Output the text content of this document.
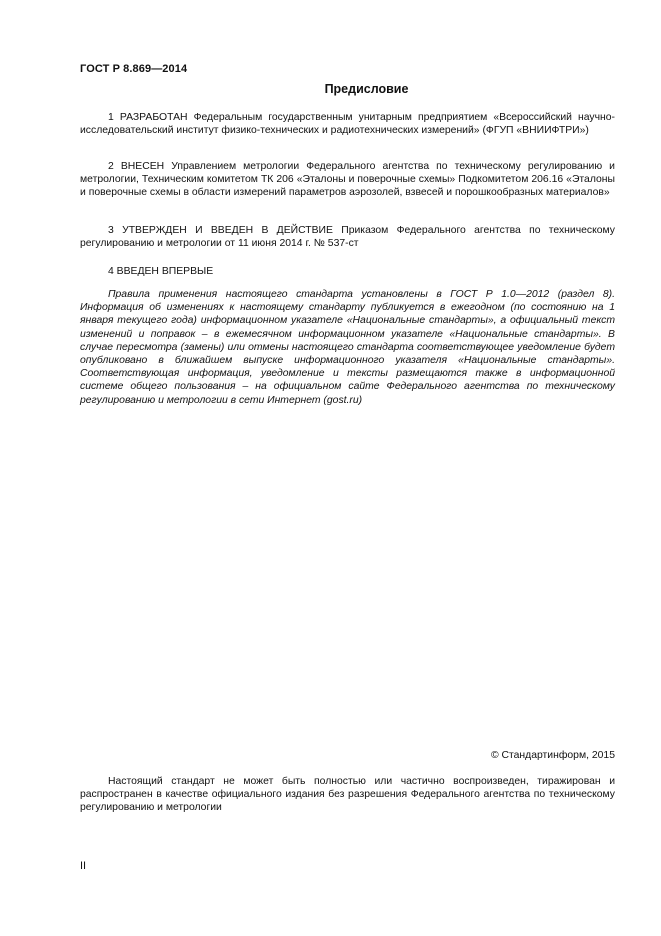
ГОСТ Р 8.869—2014
Предисловие

1 РАЗРАБОТАН Федеральным государственным унитарным предприятием «Всероссийский научно-исследовательский институт физико-технических и радиотехнических измерений» (ФГУП «ВНИИФТРИ»)

2 ВНЕСЕН Управлением метрологии Федерального агентства по техническому регулированию и метрологии, Техническим комитетом ТК 206 «Эталоны и поверочные схемы» Подкомитетом 206.16 «Эталоны и поверочные схемы в области измерений параметров аэрозолей, взвесей и порошкообразных материалов»

3 УТВЕРЖДЕН И ВВЕДЕН В ДЕЙСТВИЕ Приказом Федерального агентства по техническому регулированию и метрологии от 11 июня 2014 г. № 537-ст

4 ВВЕДЕН ВПЕРВЫЕ

Правила применения настоящего стандарта установлены в ГОСТ Р 1.0—2012 (раздел 8). Информация об изменениях к настоящему стандарту публикуется в ежегодном (по состоянию на 1 января текущего года) информационном указателе «Национальные стандарты», а официальный текст изменений и поправок – в ежемесячном информационном указателе «Национальные стандарты». В случае пересмотра (замены) или отмены настоящего стандарта соответствующее уведомление будет опубликовано в ближайшем выпуске информационного указателя «Национальные стандарты». Соответствующая информация, уведомление и тексты размещаются также в информационной системе общего пользования – на официальном сайте Федерального агентства по техническому регулированию и метрологии в сети Интернет (gost.ru)

© Стандартинформ, 2015

Настоящий стандарт не может быть полностью или частично воспроизведен, тиражирован и распространен в качестве официального издания без разрешения Федерального агентства по техническому регулированию и метрологии

II
